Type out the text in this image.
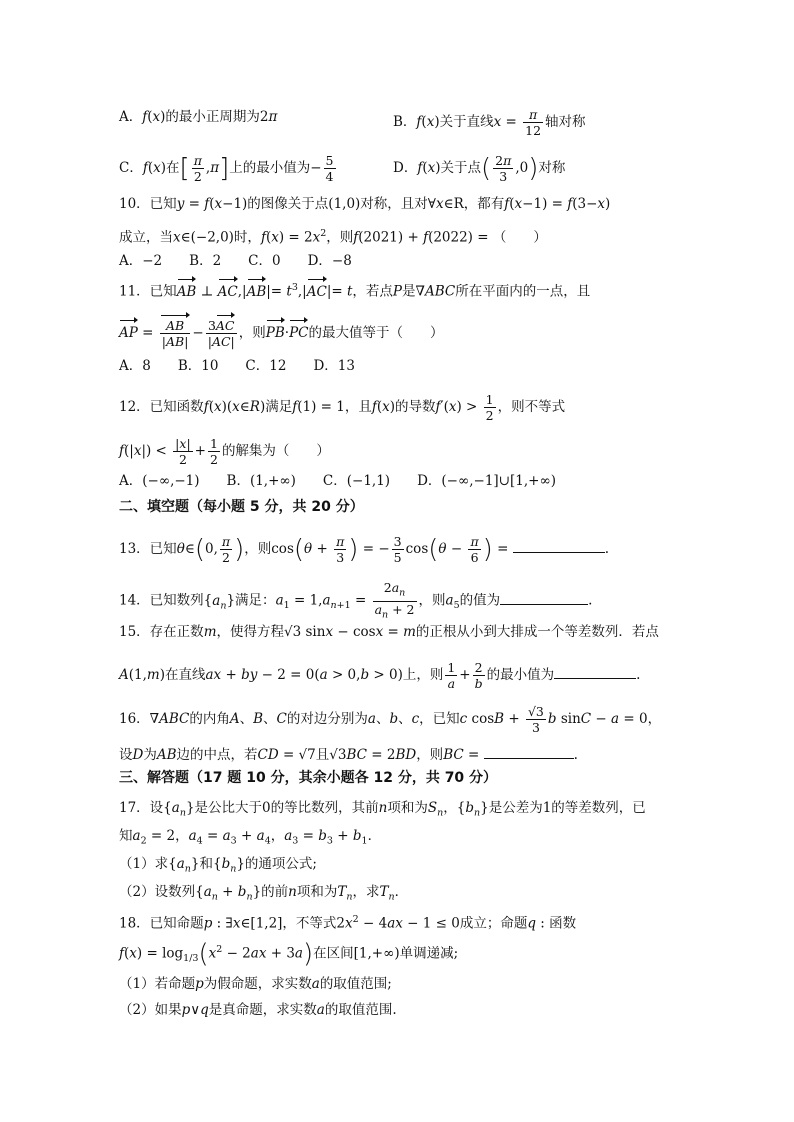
A．f(x)的最小正周期为2π	B．f(x)关于直线$x = \frac{\pi}{12}$ 轴对称
C．f(x)在[ $\frac{\pi}{2} ,\pi$]上的最小值为− $\frac{5}{4}$	D．f(x)关于点( $\frac{2\pi}{3} ,0$)对称
10．已知y = f(x−1)的图像关于点(1,0)对称，且对∀x∈R，都有f(x−1) = f(3−x)
成立，当x∈(−2,0)时，$f(x) = 2x^2$，则f(2021) + f(2022) = （　　）
A．−2　　B．2　　C．0　　D．−8
11．已知AB ⊥ $AC,|AB|= t^3,|AC|= t$，若点P是∇ABC所在平面内的一点，且
AP = $\frac{AB}{|AB|} - \frac{3AC}{|AC|}$ ，则PB·PC的最大值等于（　　）
A．8　　B．10　　C．12　　D．13
12．已知函数f(x)(x∈R)满足f(1) = 1，且f(x)的导数$f'(x) > \frac{1}{2}$ ，则不等式
$f(|x|) < \frac{|x|}{2} + \frac{1}{2}$ 的解集为（　　）
A．(−∞,−1)　　B．(1,+∞)　　C．(−1,1)　　D．(−∞,−1]∪[1,+∞)
二、填空题（每小题 5 分，共 20 分）
13．已知θ∈(0, $\frac{\pi}{2}$ )，则$\cos(\theta + \frac{\pi}{3}$ ) = − $\frac{3}{5} \cos(\theta - \frac{\pi}{6}$ ) =	.
14．已知数列$\{a_n\}$满足：$a_1 = 1,a_{n+1} = \frac{2a_n}{a_n + 2}$ ，则$a_5$的值为	.
15．存在正数m，使得方程√3 sinx − cosx = m的正根从小到大排成一个等差数列．若点
A(1,m)在直线ax + by − 2 = 0(a > 0,b > 0)上，则 $\frac{1}{a} + \frac{2}{b}$ 的最小值为	.
16．∇ABC的内角A、B、C的对边分别为a、b、c，已知c $\cos B + \frac{√3}{3}$ b sinC − a = 0，
设D为AB边的中点，若CD = √7且√3BC = 2BD，则BC =	.
三、解答题（17 题 10 分，其余小题各 12 分，共 70 分）
17．设$\{a_n\}$是公比大于0的等比数列，其前n项和为$S_n$，$\{b_n\}$是公差为1的等差数列，已
知$a_2 = 2$，$a_4 = a_3 + a_4$，$a_3 = b_3 + b_1$．
（1）求$\{a_n\}$和$\{b_n\}$的通项公式;
（2）设数列$\{a_n + b_n\}$的前n项和为$T_n$，求$T_n$．
18．已知命题p : ∃x∈[1,2]，不等式$2x^2 - 4ax - 1 \le 0$成立；命题q : 函数
$f(x) = \log_{1/3}(x^2 - 2ax + 3a)$在区间[1,+∞)单调递减;
（1）若命题p为假命题，求实数a的取值范围;
（2）如果p∨q是真命题，求实数a的取值范围.
